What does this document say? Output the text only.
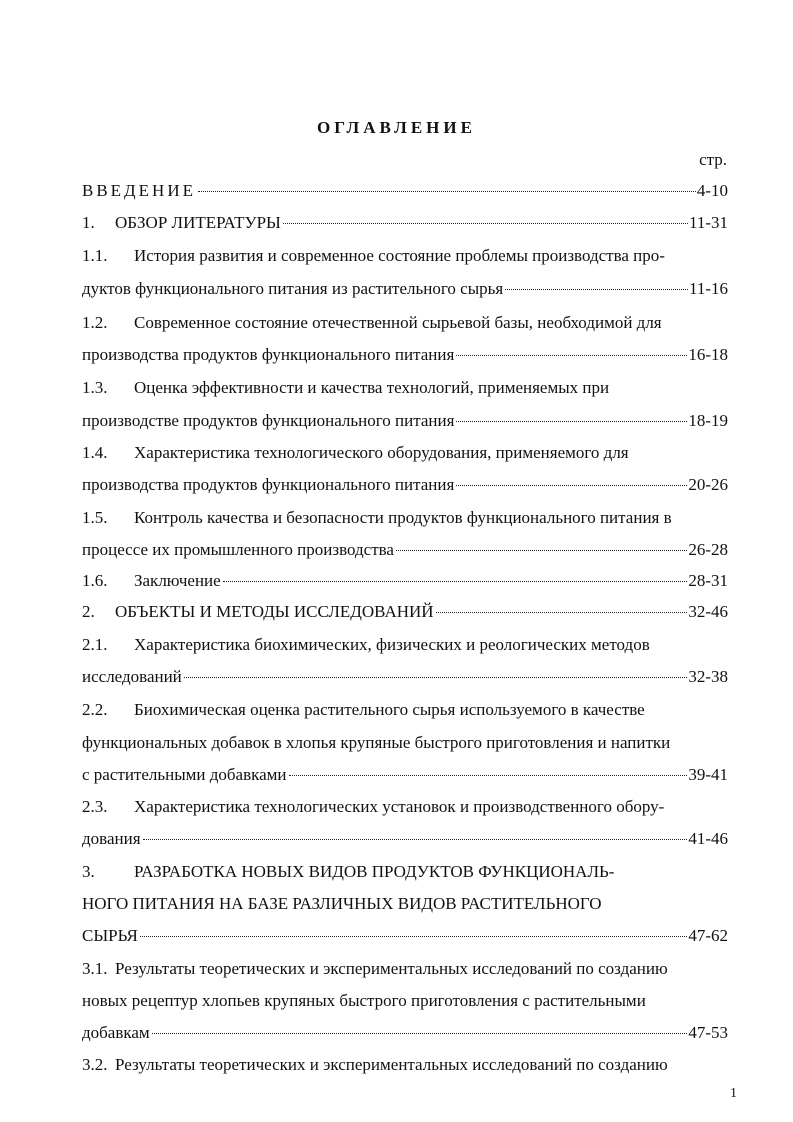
ОГЛАВЛЕНИЕ
стр.
ВВЕДЕНИЕ	4-10
1.	ОБЗОР ЛИТЕРАТУРЫ	11-31
1.1.	История развития и современное состояние проблемы производства про-
дуктов функционального питания из растительного сырья	11-16
1.2.	Современное состояние отечественной сырьевой базы, необходимой для
производства продуктов функционального питания	16-18
1.3.	Оценка эффективности и качества технологий, применяемых при
производстве продуктов функционального питания	18-19
1.4.	Характеристика технологического оборудования, применяемого для
производства продуктов функционального питания	20-26
1.5.	Контроль качества и безопасности продуктов функционального питания в
процессе их промышленного производства	26-28
1.6.	Заключение	28-31
2.	ОБЪЕКТЫ И МЕТОДЫ ИССЛЕДОВАНИЙ	32-46
2.1.	Характеристика биохимических, физических и реологических методов
исследований	32-38
2.2.	Биохимическая оценка растительного сырья используемого в качестве
функциональных добавок в хлопья крупяные быстрого приготовления и напитки
с растительными добавками	39-41
2.3.	Характеристика технологических установок и производственного обору-
дования	41-46
3.	РАЗРАБОТКА НОВЫХ ВИДОВ ПРОДУКТОВ ФУНКЦИОНАЛЬ-
НОГО ПИТАНИЯ НА БАЗЕ РАЗЛИЧНЫХ ВИДОВ РАСТИТЕЛЬНОГО
СЫРЬЯ	47-62
3.1. Результаты теоретических и экспериментальных исследований по созданию
новых рецептур хлопьев крупяных быстрого приготовления с растительными
добавкам	47-53
3.2. Результаты теоретических и экспериментальных исследований по созданию
1
